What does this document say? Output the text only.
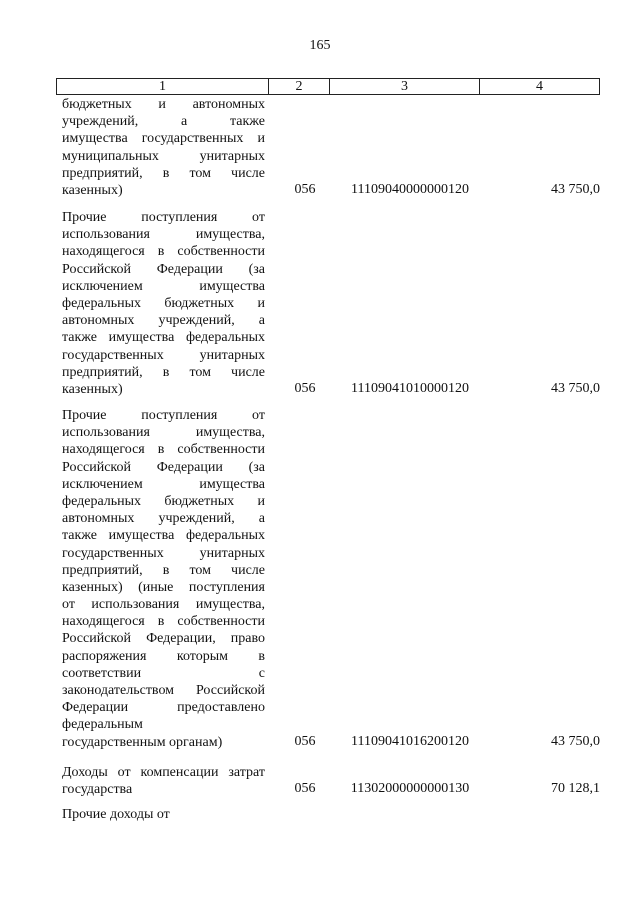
165
1	2	3	4
бюджетных и автономных
учреждений, а также
имущества государственных и
муниципальных унитарных
предприятий, в том числе
казенных)	056	11109040000000120	43 750,0
Прочие поступления от
использования имущества,
находящегося в собственности
Российской Федерации (за
исключением имущества
федеральных бюджетных и
автономных учреждений, а
также имущества федеральных
государственных унитарных
предприятий, в том числе
казенных)	056	11109041010000120	43 750,0
Прочие поступления от
использования имущества,
находящегося в собственности
Российской Федерации (за
исключением имущества
федеральных бюджетных и
автономных учреждений, а
также имущества федеральных
государственных унитарных
предприятий, в том числе
казенных) (иные поступления
от использования имущества,
находящегося в собственности
Российской Федерации, право
распоряжения которым в
соответствии с
законодательством Российской
Федерации предоставлено
федеральным
государственным органам)	056	11109041016200120	43 750,0
Доходы от компенсации затрат
государства	056	11302000000000130	70 128,1
Прочие доходы от
